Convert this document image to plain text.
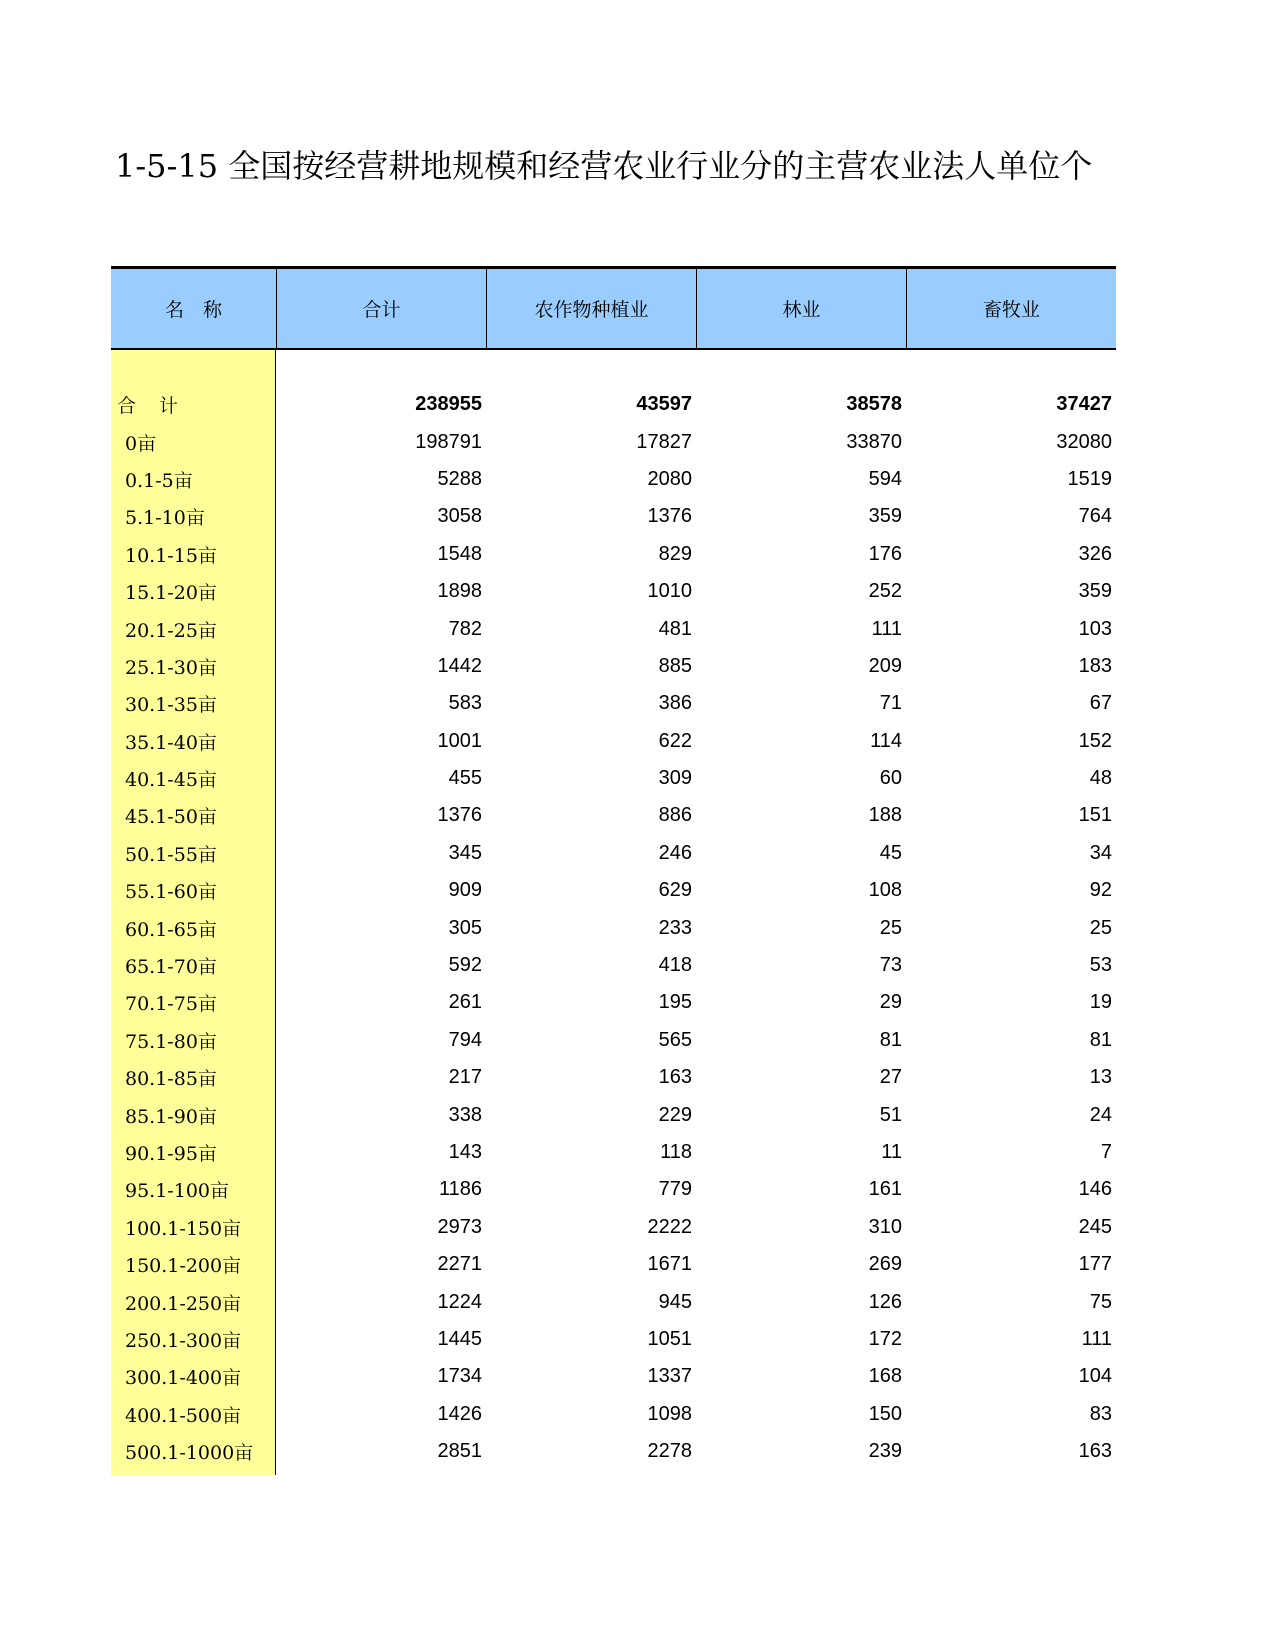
1-5-15 全国按经营耕地规模和经营农业行业分的主营农业法人单位个
名　称	合计	农作物种植业	林业	畜牧业
合　计	238955	43597	38578	37427
0亩	198791	17827	33870	32080
0.1-5亩	5288	2080	594	1519
5.1-10亩	3058	1376	359	764
10.1-15亩	1548	829	176	326
15.1-20亩	1898	1010	252	359
20.1-25亩	782	481	111	103
25.1-30亩	1442	885	209	183
30.1-35亩	583	386	71	67
35.1-40亩	1001	622	114	152
40.1-45亩	455	309	60	48
45.1-50亩	1376	886	188	151
50.1-55亩	345	246	45	34
55.1-60亩	909	629	108	92
60.1-65亩	305	233	25	25
65.1-70亩	592	418	73	53
70.1-75亩	261	195	29	19
75.1-80亩	794	565	81	81
80.1-85亩	217	163	27	13
85.1-90亩	338	229	51	24
90.1-95亩	143	118	11	7
95.1-100亩	1186	779	161	146
100.1-150亩	2973	2222	310	245
150.1-200亩	2271	1671	269	177
200.1-250亩	1224	945	126	75
250.1-300亩	1445	1051	172	111
300.1-400亩	1734	1337	168	104
400.1-500亩	1426	1098	150	83
500.1-1000亩	2851	2278	239	163
